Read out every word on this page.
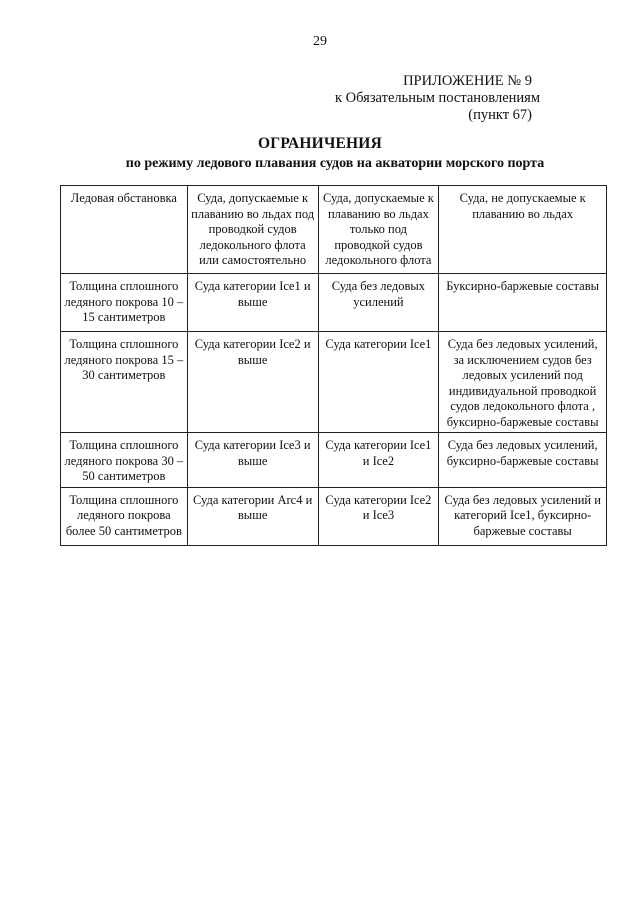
29
ПРИЛОЖЕНИЕ № 9
к Обязательным постановлениям
(пункт 67)
ОГРАНИЧЕНИЯ
по режиму ледового плавания судов на акватории морского порта
Ледовая обстановка	Суда, допускаемые к плаванию во льдах под проводкой судов ледокольного флота или самостоятельно	Суда, допускаемые к плаванию во льдах только под проводкой судов ледокольного флота	Суда, не допускаемые к плаванию во льдах
Толщина сплошного ледяного покрова 10 – 15 сантиметров	Суда категории Ice1 и выше	Суда без ледовых усилений	Буксирно-баржевые составы
Толщина сплошного ледяного покрова 15 – 30 сантиметров	Суда категории Ice2 и выше	Суда категории Ice1	Суда без ледовых усилений, за исключением судов без ледовых усилений под индивидуальной проводкой судов ледокольного флота , буксирно-баржевые составы
Толщина сплошного ледяного покрова 30 – 50 сантиметров	Суда категории Ice3 и выше	Суда категории Ice1 и Ice2	Суда без ледовых усилений, буксирно-баржевые составы
Толщина сплошного ледяного покрова более 50 сантиметров	Суда категории Arc4 и выше	Суда категории Ice2 и Ice3	Суда без ледовых усилений и категорий Ice1, буксирно-баржевые составы
